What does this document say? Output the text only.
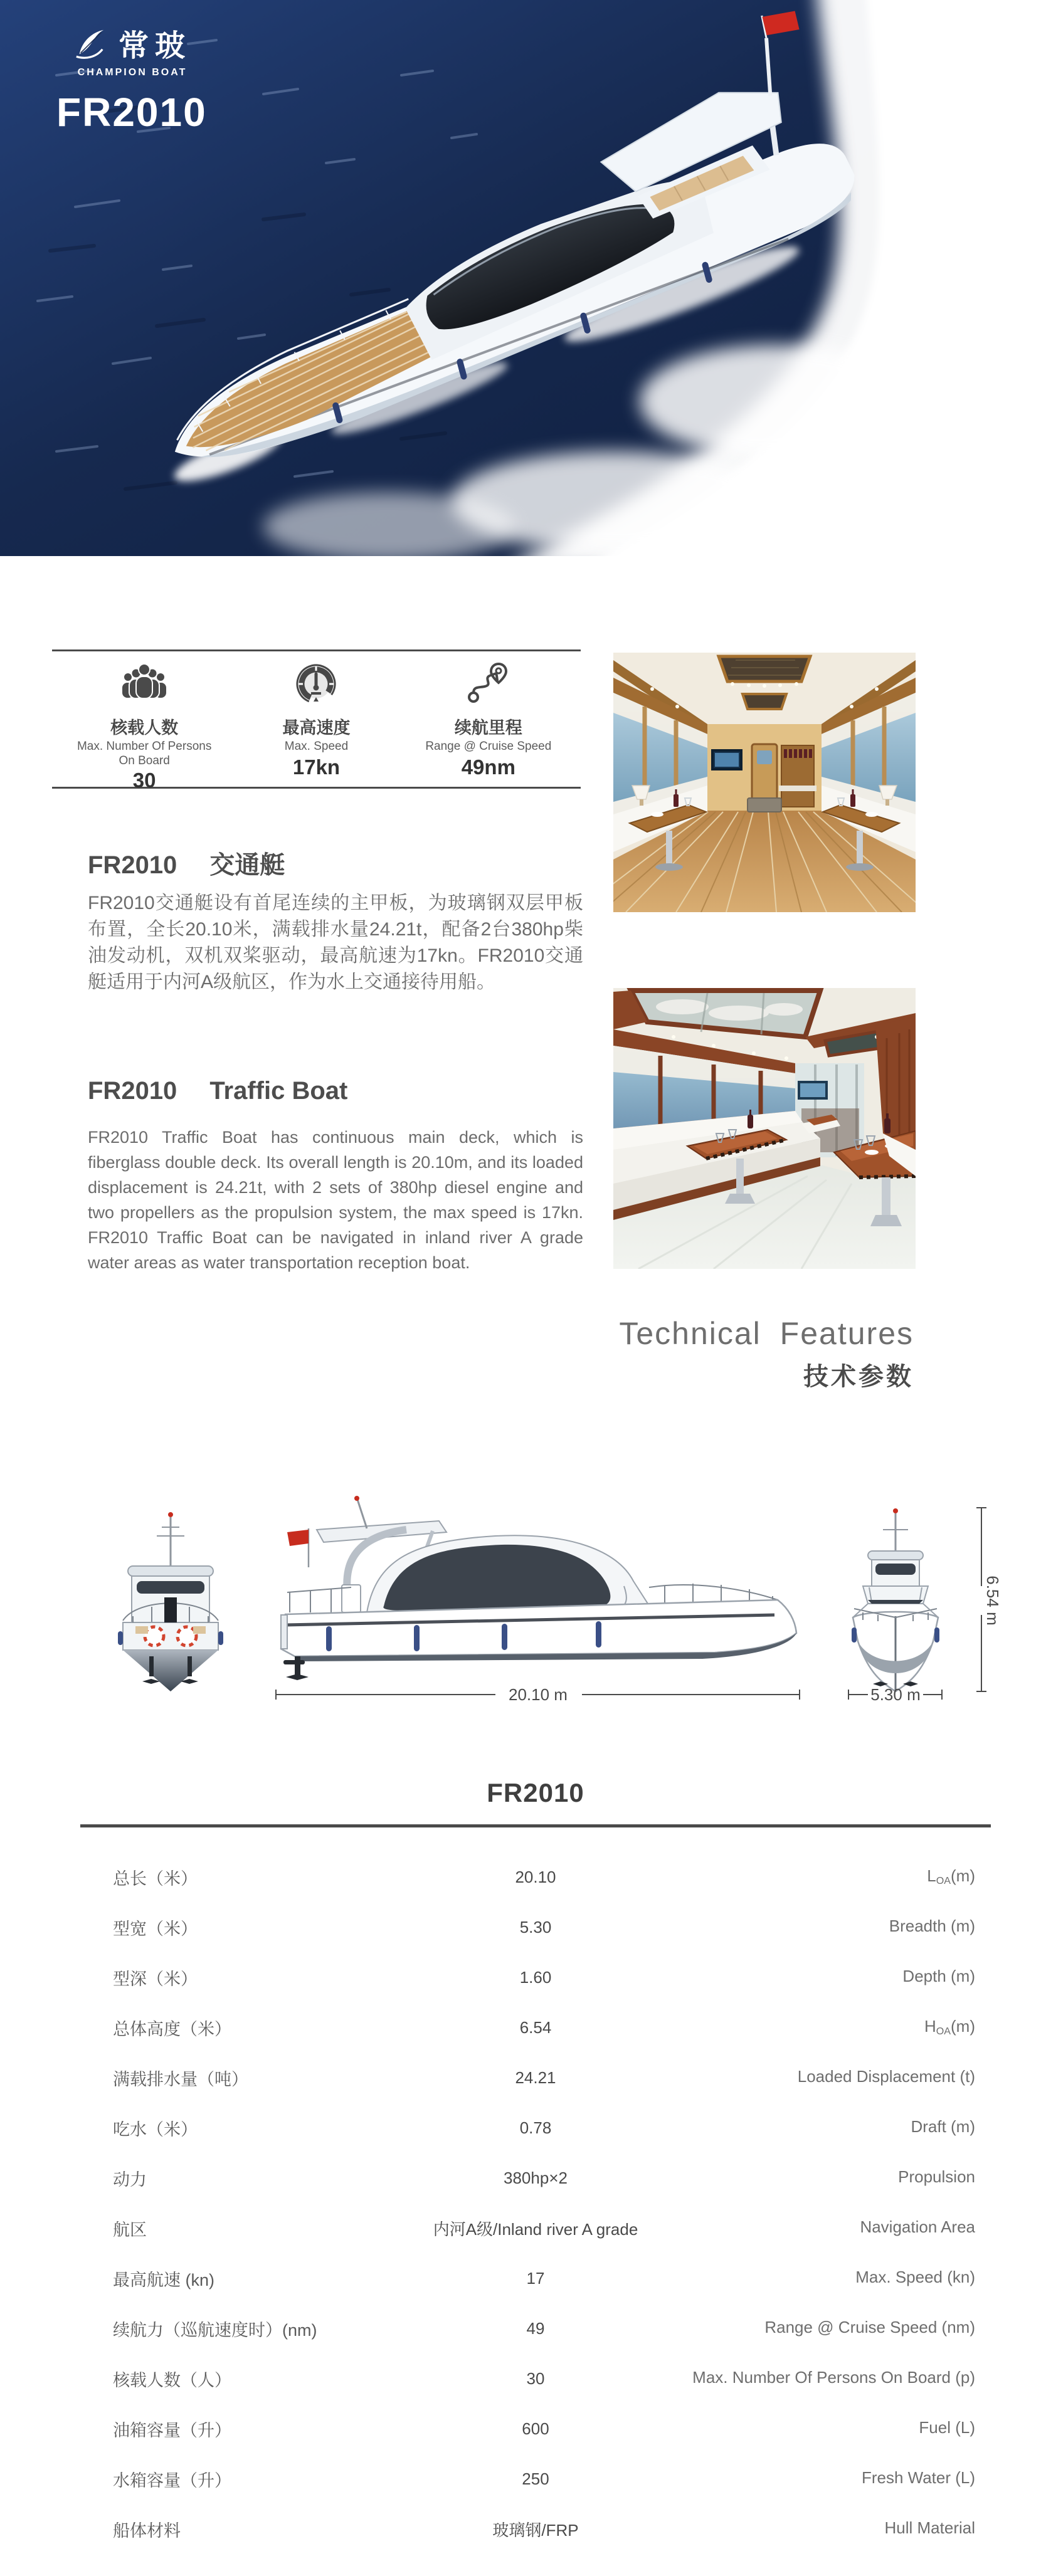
常玻
CHAMPION BOAT
FR2010
核载人数
Max. Number Of Persons On Board
30
最高速度
Max. Speed
17kn
续航里程
Range @ Cruise Speed
49nm
FR2010 交通艇
FR2010交通艇设有首尾连续的主甲板，为玻璃钢双层甲板布置，全长20.10米，满载排水量24.21t，配备2台380hp柴油发动机，双机双桨驱动，最高航速为17kn。FR2010交通艇适用于内河A级航区，作为水上交通接待用船。
FR2010 Traffic Boat
FR2010 Traffic Boat has continuous main deck, which is fiberglass double deck. Its overall length is 20.10m, and its loaded displacement is 24.21t, with 2 sets of 380hp diesel engine and two propellers as the propulsion system, the max speed is 17kn. FR2010 Traffic Boat can be navigated in inland river A grade water areas as water transportation reception boat.
Technical Features
技术参数
20.10 m	5.30 m
6.54 m
FR2010
总长（米）	20.10	$L_{OA}(m)$
型宽（米）	5.30	Breadth (m)
型深（米）	1.60	Depth (m)
总体高度（米）	6.54	$H_{OA}(m)$
满载排水量（吨）	24.21	Loaded Displacement (t)
吃水（米）	0.78	Draft (m)
动力	380hp×2	Propulsion
航区	内河A级/Inland river A grade	Navigation Area
最高航速 (kn)	17	Max. Speed (kn)
续航力（巡航速度时）(nm)	49	Range @ Cruise Speed (nm)
核载人数（人）	30	Max. Number Of Persons On Board (p)
油箱容量（升）	600	Fuel (L)
水箱容量（升）	250	Fresh Water (L)
船体材料	玻璃钢/FRP	Hull Material
